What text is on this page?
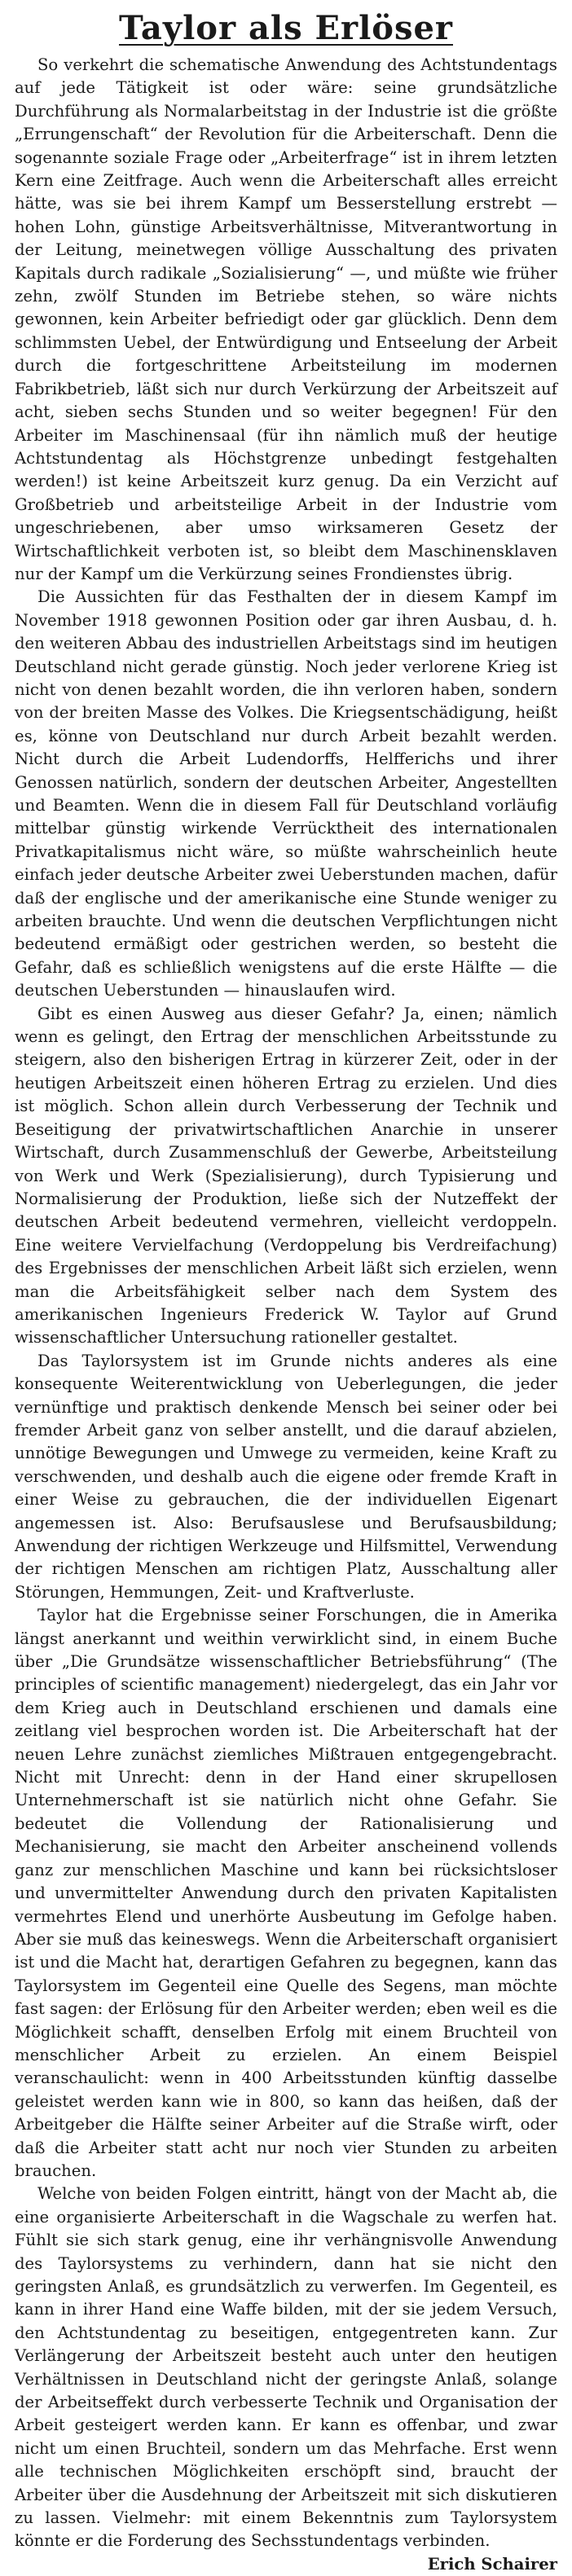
Taylor als Erlöser

So verkehrt die schematische Anwendung des Achtstundentags auf jede Tätigkeit ist oder wäre: seine grundsätzliche Durchführung als Normalarbeitstag in der Industrie ist die größte „Errungenschaft“ der Revolution für die Arbeiterschaft. Denn die sogenannte soziale Frage oder „Arbeiterfrage“ ist in ihrem letzten Kern eine Zeitfrage. Auch wenn die Arbeiterschaft alles erreicht hätte, was sie bei ihrem Kampf um Besserstellung erstrebt — hohen Lohn, günstige Arbeitsverhältnisse, Mitverantwortung in der Leitung, meinetwegen völlige Ausschaltung des privaten Kapitals durch radikale „Sozialisierung“ —, und müßte wie früher zehn, zwölf Stunden im Betriebe stehen, so wäre nichts gewonnen, kein Arbeiter befriedigt oder gar glücklich. Denn dem schlimmsten Uebel, der Entwürdigung und Entseelung der Arbeit durch die fortgeschrittene Arbeitsteilung im modernen Fabrikbetrieb, läßt sich nur durch Verkürzung der Arbeitszeit auf acht, sieben sechs Stunden und so weiter begegnen! Für den Arbeiter im Maschinensaal (für ihn nämlich muß der heutige Achtstundentag als Höchstgrenze unbedingt festgehalten werden!) ist keine Arbeitszeit kurz genug. Da ein Verzicht auf Großbetrieb und arbeitsteilige Arbeit in der Industrie vom ungeschriebenen, aber umso wirksameren Gesetz der Wirtschaftlichkeit verboten ist, so bleibt dem Maschinensklaven nur der Kampf um die Verkürzung seines Frondienstes übrig.

Die Aussichten für das Festhalten der in diesem Kampf im November 1918 gewonnen Position oder gar ihren Ausbau, d. h. den weiteren Abbau des industriellen Arbeitstags sind im heutigen Deutschland nicht gerade günstig. Noch jeder verlorene Krieg ist nicht von denen bezahlt worden, die ihn verloren haben, sondern von der breiten Masse des Volkes. Die Kriegsentschädigung, heißt es, könne von Deutschland nur durch Arbeit bezahlt werden. Nicht durch die Arbeit Ludendorffs, Helfferichs und ihrer Genossen natürlich, sondern der deutschen Arbeiter, Angestellten und Beamten. Wenn die in diesem Fall für Deutschland vorläufig mittelbar günstig wirkende Verrücktheit des internationalen Privatkapitalismus nicht wäre, so müßte wahrscheinlich heute einfach jeder deutsche Arbeiter zwei Ueberstunden machen, dafür daß der englische und der amerikanische eine Stunde weniger zu arbeiten brauchte. Und wenn die deutschen Verpflichtungen nicht bedeutend ermäßigt oder gestrichen werden, so besteht die Gefahr, daß es schließlich wenigstens auf die erste Hälfte — die deutschen Ueberstunden — hinauslaufen wird.

Gibt es einen Ausweg aus dieser Gefahr? Ja, einen; nämlich wenn es gelingt, den Ertrag der menschlichen Arbeitsstunde zu steigern, also den bisherigen Ertrag in kürzerer Zeit, oder in der heutigen Arbeitszeit einen höheren Ertrag zu erzielen. Und dies ist möglich. Schon allein durch Verbesserung der Technik und Beseitigung der privatwirtschaftlichen Anarchie in unserer Wirtschaft, durch Zusammenschluß der Gewerbe, Arbeitsteilung von Werk und Werk (Spezialisierung), durch Typisierung und Normalisierung der Produktion, ließe sich der Nutzeffekt der deutschen Arbeit bedeutend vermehren, vielleicht verdoppeln. Eine weitere Vervielfachung (Verdoppelung bis Verdreifachung) des Ergebnisses der menschlichen Arbeit läßt sich erzielen, wenn man die Arbeitsfähigkeit selber nach dem System des amerikanischen Ingenieurs Frederick W. Taylor auf Grund wissenschaftlicher Untersuchung rationeller gestaltet.

Das Taylorsystem ist im Grunde nichts anderes als eine konsequente Weiterentwicklung von Ueberlegungen, die jeder vernünftige und praktisch denkende Mensch bei seiner oder bei fremder Arbeit ganz von selber anstellt, und die darauf abzielen, unnötige Bewegungen und Umwege zu vermeiden, keine Kraft zu verschwenden, und deshalb auch die eigene oder fremde Kraft in einer Weise zu gebrauchen, die der individuellen Eigenart angemessen ist. Also: Berufsauslese und Berufsausbildung; Anwendung der richtigen Werkzeuge und Hilfsmittel, Verwendung der richtigen Menschen am richtigen Platz, Ausschaltung aller Störungen, Hemmungen, Zeit- und Kraftverluste.

Taylor hat die Ergebnisse seiner Forschungen, die in Amerika längst anerkannt und weithin verwirklicht sind, in einem Buche über „Die Grundsätze wissenschaftlicher Betriebsführung“ (The principles of scientific management) niedergelegt, das ein Jahr vor dem Krieg auch in Deutschland erschienen und damals eine zeitlang viel besprochen worden ist. Die Arbeiterschaft hat der neuen Lehre zunächst ziemliches Mißtrauen entgegengebracht. Nicht mit Unrecht: denn in der Hand einer skrupellosen Unternehmerschaft ist sie natürlich nicht ohne Gefahr. Sie bedeutet die Vollendung der Rationalisierung und Mechanisierung, sie macht den Arbeiter anscheinend vollends ganz zur menschlichen Maschine und kann bei rücksichtsloser und unvermittelter Anwendung durch den privaten Kapitalisten vermehrtes Elend und unerhörte Ausbeutung im Gefolge haben. Aber sie muß das keineswegs. Wenn die Arbeiterschaft organisiert ist und die Macht hat, derartigen Gefahren zu begegnen, kann das Taylorsystem im Gegenteil eine Quelle des Segens, man möchte fast sagen: der Erlösung für den Arbeiter werden; eben weil es die Möglichkeit schafft, denselben Erfolg mit einem Bruchteil von menschlicher Arbeit zu erzielen. An einem Beispiel veranschaulicht: wenn in 400 Arbeitsstunden künftig dasselbe geleistet werden kann wie in 800, so kann das heißen, daß der Arbeitgeber die Hälfte seiner Arbeiter auf die Straße wirft, oder daß die Arbeiter statt acht nur noch vier Stunden zu arbeiten brauchen.

Welche von beiden Folgen eintritt, hängt von der Macht ab, die eine organisierte Arbeiterschaft in die Wagschale zu werfen hat. Fühlt sie sich stark genug, eine ihr verhängnisvolle Anwendung des Taylorsystems zu verhindern, dann hat sie nicht den geringsten Anlaß, es grundsätzlich zu verwerfen. Im Gegenteil, es kann in ihrer Hand eine Waffe bilden, mit der sie jedem Versuch, den Achtstundentag zu beseitigen, entgegentreten kann. Zur Verlängerung der Arbeitszeit besteht auch unter den heutigen Verhältnissen in Deutschland nicht der geringste Anlaß, solange der Arbeitseffekt durch verbesserte Technik und Organisation der Arbeit gesteigert werden kann. Er kann es offenbar, und zwar nicht um einen Bruchteil, sondern um das Mehrfache. Erst wenn alle technischen Möglichkeiten erschöpft sind, braucht der Arbeiter über die Ausdehnung der Arbeitszeit mit sich diskutieren zu lassen. Vielmehr: mit einem Bekenntnis zum Taylorsystem könnte er die Forderung des Sechsstundentags verbinden.

Erich Schairer
